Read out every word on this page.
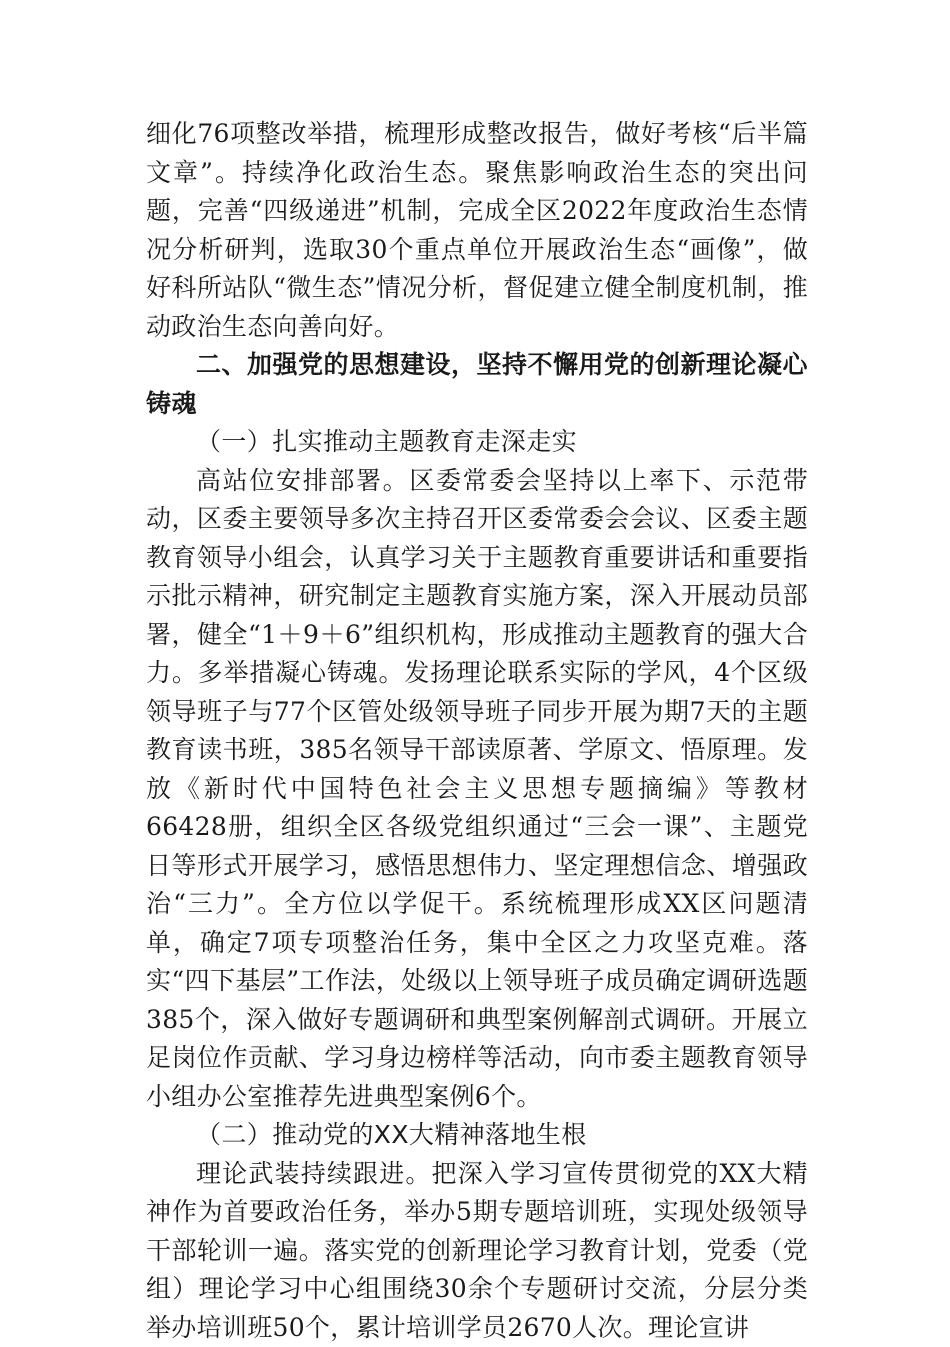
细化76项整改举措，梳理形成整改报告，做好考核“后半篇文章”。持续净化政治生态。聚焦影响政治生态的突出问题，完善“四级递进”机制，完成全区2022年度政治生态情况分析研判，选取30个重点单位开展政治生态“画像”，做好科所站队“微生态”情况分析，督促建立健全制度机制，推动政治生态向善向好。

二、加强党的思想建设，坚持不懈用党的创新理论凝心铸魂

（一）扎实推动主题教育走深走实

高站位安排部署。区委常委会坚持以上率下、示范带动，区委主要领导多次主持召开区委常委会会议、区委主题教育领导小组会，认真学习关于主题教育重要讲话和重要指示批示精神，研究制定主题教育实施方案，深入开展动员部署，健全“1＋9＋6”组织机构，形成推动主题教育的强大合力。多举措凝心铸魂。发扬理论联系实际的学风，4个区级领导班子与77个区管处级领导班子同步开展为期7天的主题教育读书班，385名领导干部读原著、学原文、悟原理。发放《新时代中国特色社会主义思想专题摘编》等教材66428册，组织全区各级党组织通过“三会一课”、主题党日等形式开展学习，感悟思想伟力、坚定理想信念、增强政治“三力”。全方位以学促干。系统梳理形成XX区问题清单，确定7项专项整治任务，集中全区之力攻坚克难。落实“四下基层”工作法，处级以上领导班子成员确定调研选题385个，深入做好专题调研和典型案例解剖式调研。开展立足岗位作贡献、学习身边榜样等活动，向市委主题教育领导小组办公室推荐先进典型案例6个。

（二）推动党的XX大精神落地生根

理论武装持续跟进。把深入学习宣传贯彻党的XX大精神作为首要政治任务，举办5期专题培训班，实现处级领导干部轮训一遍。落实党的创新理论学习教育计划，党委（党组）理论学习中心组围绕30余个专题研讨交流，分层分类举办培训班50个，累计培训学员2670人次。理论宣讲
